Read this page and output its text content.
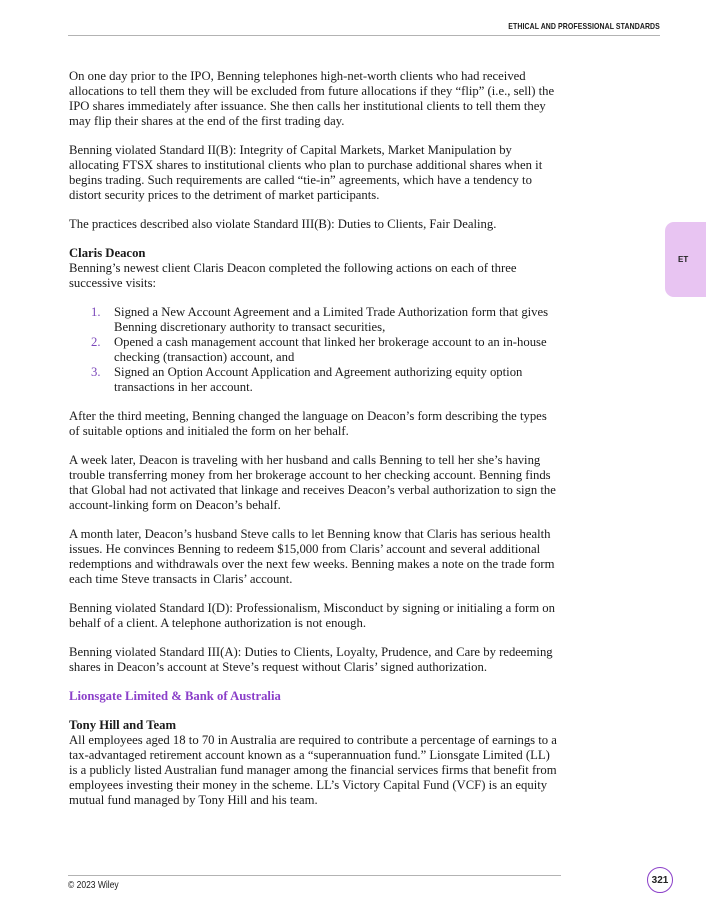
ETHICAL AND PROFESSIONAL STANDARDS
ET

On one day prior to the IPO, Benning telephones high-net-worth clients who had received allocations to tell them they will be excluded from future allocations if they “flip” (i.e., sell) the IPO shares immediately after issuance. She then calls her institutional clients to tell them they may flip their shares at the end of the first trading day.

Benning violated Standard II(B): Integrity of Capital Markets, Market Manipulation by allocating FTSX shares to institutional clients who plan to purchase additional shares when it begins trading. Such requirements are called “tie-in” agreements, which have a tendency to distort security prices to the detriment of market participants.

The practices described also violate Standard III(B): Duties to Clients, Fair Dealing.

Claris Deacon

Benning’s newest client Claris Deacon completed the following actions on each of three successive visits:

1. Signed a New Account Agreement and a Limited Trade Authorization form that gives Benning discretionary authority to transact securities,
2. Opened a cash management account that linked her brokerage account to an in-house checking (transaction) account, and
3. Signed an Option Account Application and Agreement authorizing equity option transactions in her account.

After the third meeting, Benning changed the language on Deacon’s form describing the types of suitable options and initialed the form on her behalf.

A week later, Deacon is traveling with her husband and calls Benning to tell her she’s having trouble transferring money from her brokerage account to her checking account. Benning finds that Global had not activated that linkage and receives Deacon’s verbal authorization to sign the account-linking form on Deacon’s behalf.

A month later, Deacon’s husband Steve calls to let Benning know that Claris has serious health issues. He convinces Benning to redeem $15,000 from Claris’ account and several additional redemptions and withdrawals over the next few weeks. Benning makes a note on the trade form each time Steve transacts in Claris’ account.

Benning violated Standard I(D): Professionalism, Misconduct by signing or initialing a form on behalf of a client. A telephone authorization is not enough.

Benning violated Standard III(A): Duties to Clients, Loyalty, Prudence, and Care by redeeming shares in Deacon’s account at Steve’s request without Claris’ signed authorization.

Lionsgate Limited & Bank of Australia

Tony Hill and Team

All employees aged 18 to 70 in Australia are required to contribute a percentage of earnings to a tax-advantaged retirement account known as a “superannuation fund.” Lionsgate Limited (LL) is a publicly listed Australian fund manager among the financial services firms that benefit from employees investing their money in the scheme. LL’s Victory Capital Fund (VCF) is an equity mutual fund managed by Tony Hill and his team.

© 2023 Wiley	321
